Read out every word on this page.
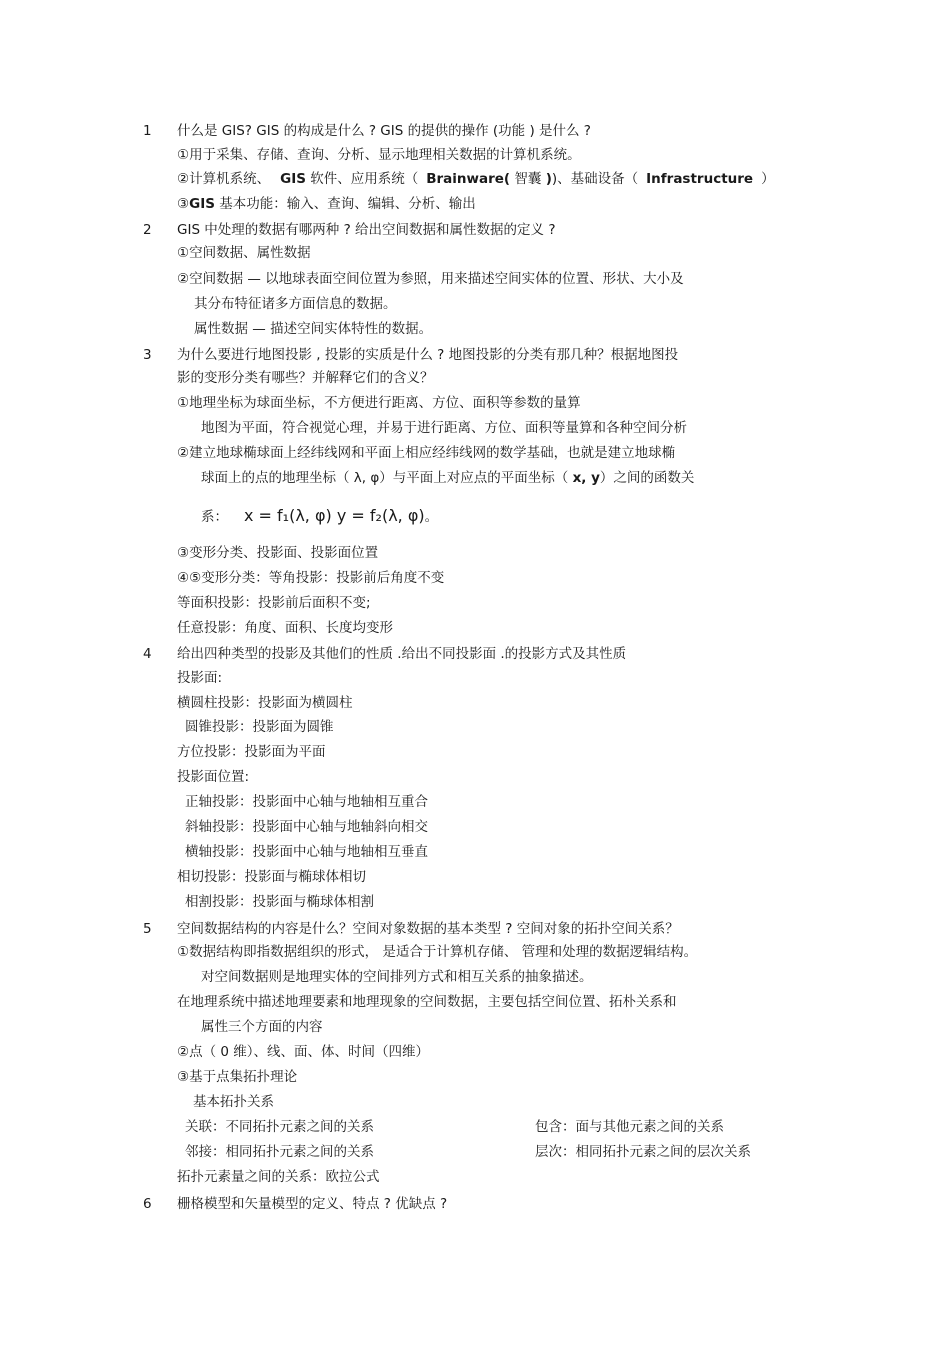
1 什么是 GIS? GIS 的构成是什么 ? GIS 的提供的操作 (功能 ) 是什么 ?
①用于采集、存储、查询、分析、显示地理相关数据的计算机系统。
②计算机系统、 GIS 软件、应用系统（ Brainware( 智囊 ))、基础设备（ Infrastructure ）
③GIS 基本功能：输入、查询、编辑、分析、输出
2 GIS 中处理的数据有哪两种 ? 给出空间数据和属性数据的定义 ?
①空间数据、属性数据
②空间数据 — 以地球表面空间位置为参照，用来描述空间实体的位置、形状、大小及
其分布特征诸多方面信息的数据。
属性数据 — 描述空间实体特性的数据。
3 为什么要进行地图投影 , 投影的实质是什么 ? 地图投影的分类有那几种？根据地图投
影的变形分类有哪些？并解释它们的含义？
①地理坐标为球面坐标，不方便进行距离、方位、面积等参数的量算
地图为平面，符合视觉心理，并易于进行距离、方位、面积等量算和各种空间分析
②建立地球椭球面上经纬线网和平面上相应经纬线网的数学基础，也就是建立地球椭
球面上的点的地理坐标（ λ, φ）与平面上对应点的平面坐标（ x, y）之间的函数关
系： x = f₁(λ, φ) y = f₂(λ, φ)。
③变形分类、投影面、投影面位置
④⑤变形分类：等角投影：投影前后角度不变
等面积投影：投影前后面积不变;
任意投影：角度、面积、长度均变形
4 给出四种类型的投影及其他们的性质 .给出不同投影面 .的投影方式及其性质
投影面:
横圆柱投影：投影面为横圆柱
圆锥投影：投影面为圆锥
方位投影：投影面为平面
投影面位置:
正轴投影：投影面中心轴与地轴相互重合
斜轴投影：投影面中心轴与地轴斜向相交
横轴投影：投影面中心轴与地轴相互垂直
相切投影：投影面与椭球体相切
相割投影：投影面与椭球体相割
5 空间数据结构的内容是什么？空间对象数据的基本类型 ? 空间对象的拓扑空间关系？
①数据结构即指数据组织的形式， 是适合于计算机存储、 管理和处理的数据逻辑结构。
对空间数据则是地理实体的空间排列方式和相互关系的抽象描述。
在地理系统中描述地理要素和地理现象的空间数据，主要包括空间位置、拓朴关系和
属性三个方面的内容
②点（ 0 维）、线、面、体、时间（四维）
③基于点集拓扑理论
基本拓扑关系
关联：不同拓扑元素之间的关系	包含：面与其他元素之间的关系
邻接：相同拓扑元素之间的关系	层次：相同拓扑元素之间的层次关系
拓扑元素量之间的关系：欧拉公式
6 栅格模型和矢量模型的定义、特点 ? 优缺点 ?
